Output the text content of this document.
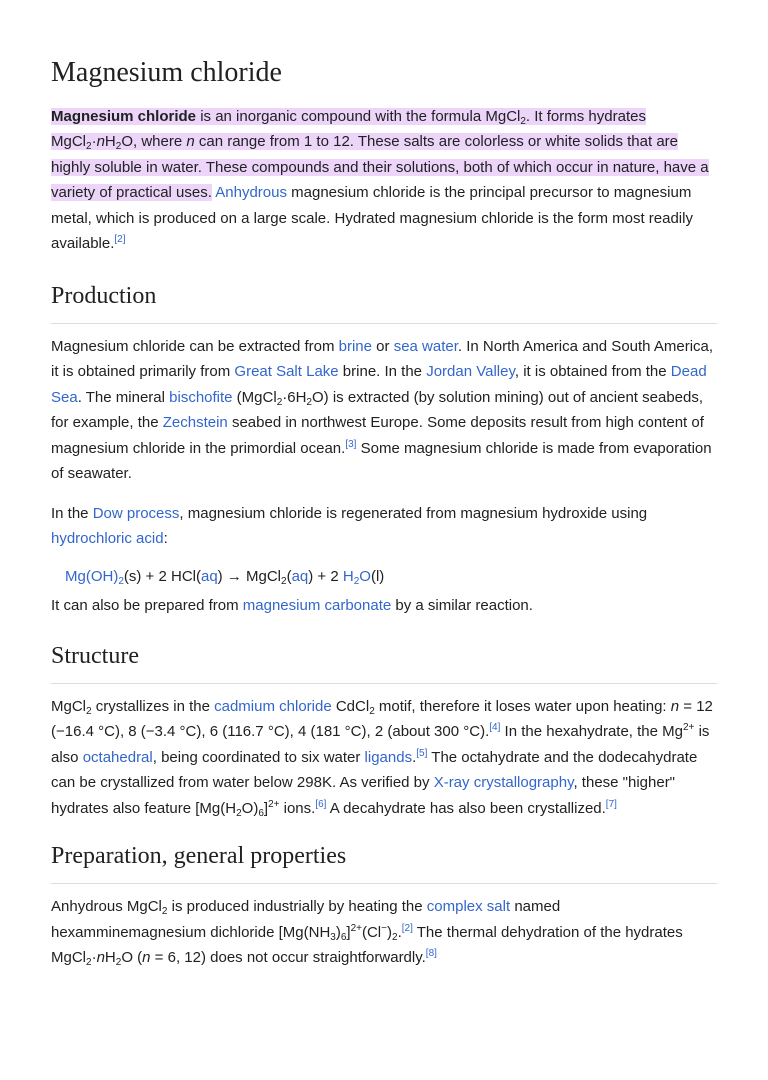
Magnesium chloride

Magnesium chloride is an inorganic compound with the formula MgCl$_2$. It forms hydrates $MgCl_2\cdot nH_2O$, where n can range from 1 to 12. These salts are colorless or white solids that are highly soluble in water. These compounds and their solutions, both of which occur in nature, have a variety of practical uses. Anhydrous magnesium chloride is the principal precursor to magnesium metal, which is produced on a large scale. Hydrated magnesium chloride is the form most readily available.[2]

Production

Magnesium chloride can be extracted from brine or sea water. In North America and South America, it is obtained primarily from Great Salt Lake brine. In the Jordan Valley, it is obtained from the Dead Sea. The mineral bischofite $(MgCl_2\cdot 6H_2O)$ is extracted (by solution mining) out of ancient seabeds, for example, the Zechstein seabed in northwest Europe. Some deposits result from high content of magnesium chloride in the primordial ocean.[3] Some magnesium chloride is made from evaporation of seawater.

In the Dow process, magnesium chloride is regenerated from magnesium hydroxide using hydrochloric acid:

$Mg(OH)_2(s) + 2$ HCl(aq) → MgCl$_2$(aq) + 2 $H_2O(l)$

It can also be prepared from magnesium carbonate by a similar reaction.

Structure

MgCl$_2$ crystallizes in the cadmium chloride CdCl$_2$ motif, therefore it loses water upon heating: n = 12 (−16.4 °C), 8 (−3.4 °C), 6 (116.7 °C), 4 (181 °C), 2 (about 300 °C).[4] In the hexahydrate, the $Mg^{2+}$ is also octahedral, being coordinated to six water ligands.[5] The octahydrate and the dodecahydrate can be crystallized from water below 298K. As verified by X-ray crystallography, these "higher" hydrates also feature $[Mg(H_2O)_6]^{2+}$ ions.[6] A decahydrate has also been crystallized.[7]

Preparation, general properties

Anhydrous MgCl$_2$ is produced industrially by heating the complex salt named hexamminemagnesium dichloride $[Mg(NH_3)_6]^{2+}(Cl^-)_2.[2]$ The thermal dehydration of the hydrates $MgCl_2\cdot nH_2O$ (n = 6, 12) does not occur straightforwardly.[8]
